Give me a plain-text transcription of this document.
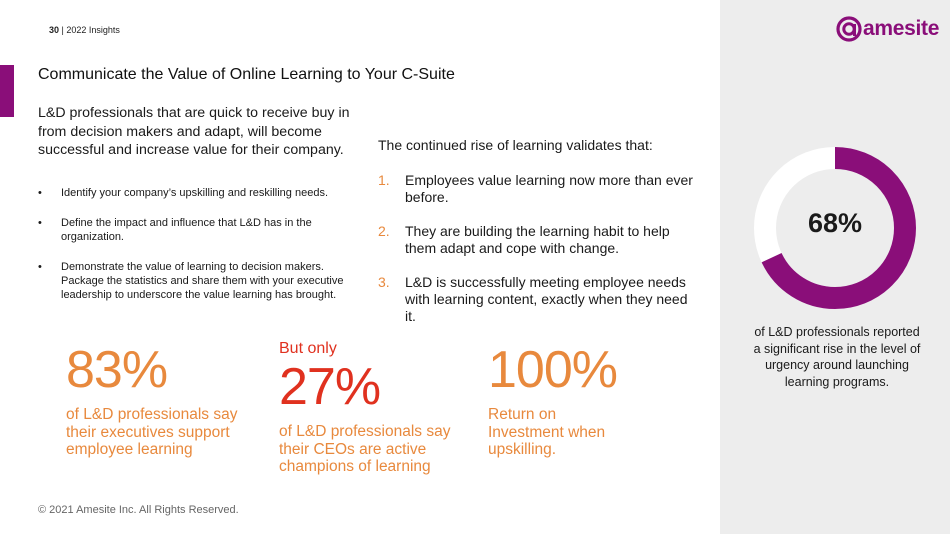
30 | 2022 Insights	amesite
Communicate the Value of Online Learning to Your C-Suite
L&D professionals that are quick to receive buy in from decision makers and adapt, will become successful and increase value for their company.
• Identify your company’s upskilling and reskilling needs.
• Define the impact and influence that L&D has in the organization.
• Demonstrate the value of learning to decision makers. Package the statistics and share them with your executive leadership to underscore the value learning has brought.
The continued rise of learning validates that:
1. Employees value learning now more than ever before.
2. They are building the learning habit to help them adapt and cope with change.
3. L&D is successfully meeting employee needs with learning content, exactly when they need it.
83%
of L&D professionals say their executives support employee learning
But only
27%
of L&D professionals say their CEOs are active champions of learning
100%
Return on Investment when upskilling.
68%
of L&D professionals reported a significant rise in the level of urgency around launching learning programs.
© 2021 Amesite Inc. All Rights Reserved.
